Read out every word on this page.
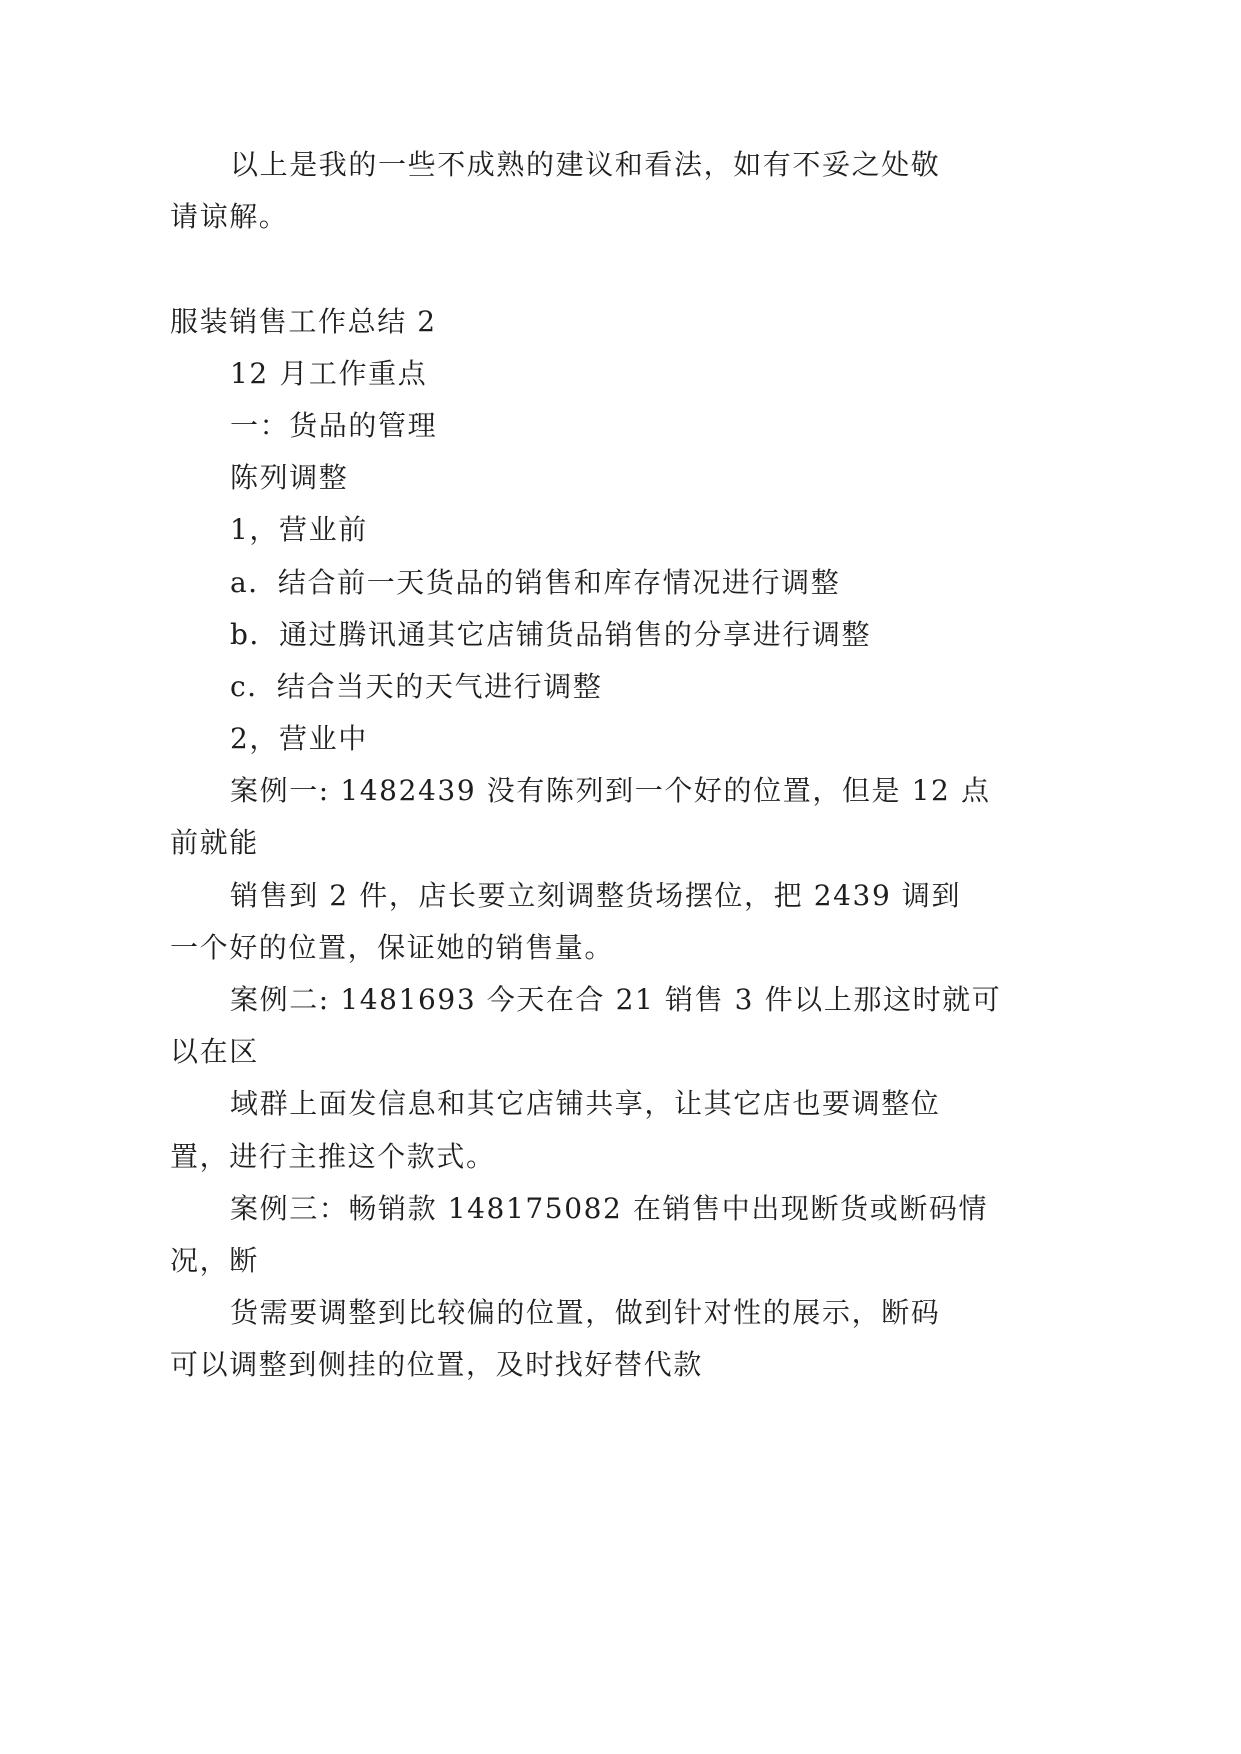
以上是我的一些不成熟的建议和看法，如有不妥之处敬
请谅解。
服装销售工作总结 2
12 月工作重点
一：货品的管理
陈列调整
1，营业前
a．结合前一天货品的销售和库存情况进行调整
b．通过腾讯通其它店铺货品销售的分享进行调整
c．结合当天的天气进行调整
2，营业中
案例一: 1482439 没有陈列到一个好的位置，但是 12 点
前就能
销售到 2 件，店长要立刻调整货场摆位，把 2439 调到
一个好的位置，保证她的销售量。
案例二: 1481693 今天在合 21 销售 3 件以上那这时就可
以在区
域群上面发信息和其它店铺共享，让其它店也要调整位
置，进行主推这个款式。
案例三：畅销款 148175082 在销售中出现断货或断码情
况，断
货需要调整到比较偏的位置，做到针对性的展示，断码
可以调整到侧挂的位置，及时找好替代款
